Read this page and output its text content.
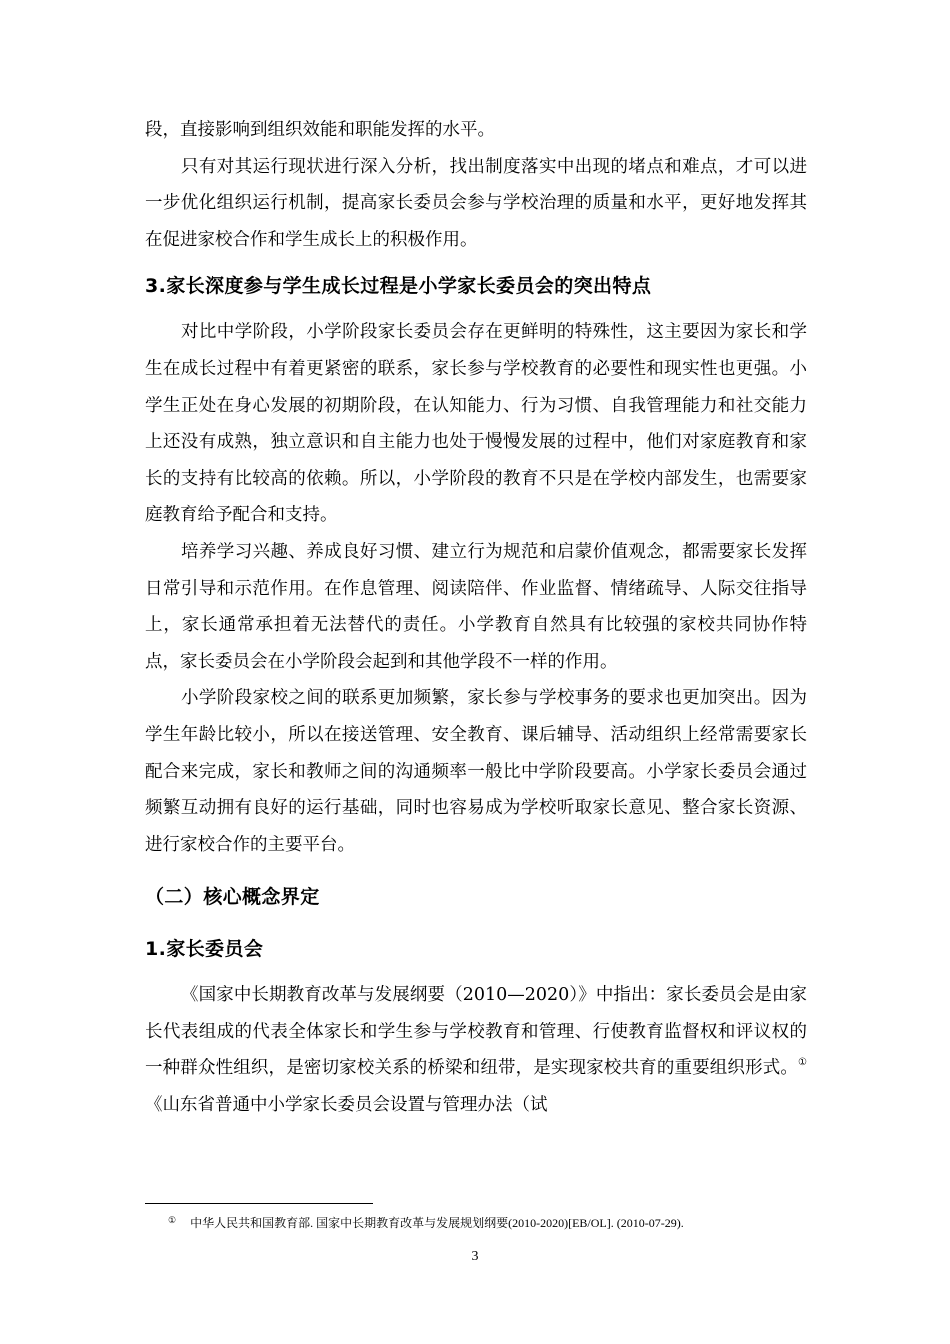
段，直接影响到组织效能和职能发挥的水平。

只有对其运行现状进行深入分析，找出制度落实中出现的堵点和难点，才可以进一步优化组织运行机制，提高家长委员会参与学校治理的质量和水平，更好地发挥其在促进家校合作和学生成长上的积极作用。

3.家长深度参与学生成长过程是小学家长委员会的突出特点

对比中学阶段，小学阶段家长委员会存在更鲜明的特殊性，这主要因为家长和学生在成长过程中有着更紧密的联系，家长参与学校教育的必要性和现实性也更强。小学生正处在身心发展的初期阶段，在认知能力、行为习惯、自我管理能力和社交能力上还没有成熟，独立意识和自主能力也处于慢慢发展的过程中，他们对家庭教育和家长的支持有比较高的依赖。所以，小学阶段的教育不只是在学校内部发生，也需要家庭教育给予配合和支持。

培养学习兴趣、养成良好习惯、建立行为规范和启蒙价值观念，都需要家长发挥日常引导和示范作用。在作息管理、阅读陪伴、作业监督、情绪疏导、人际交往指导上，家长通常承担着无法替代的责任。小学教育自然具有比较强的家校共同协作特点，家长委员会在小学阶段会起到和其他学段不一样的作用。

小学阶段家校之间的联系更加频繁，家长参与学校事务的要求也更加突出。因为学生年龄比较小，所以在接送管理、安全教育、课后辅导、活动组织上经常需要家长配合来完成，家长和教师之间的沟通频率一般比中学阶段要高。小学家长委员会通过频繁互动拥有良好的运行基础，同时也容易成为学校听取家长意见、整合家长资源、进行家校合作的主要平台。

（二）核心概念界定
1.家长委员会

《国家中长期教育改革与发展纲要（2010—2020）》中指出：家长委员会是由家长代表组成的代表全体家长和学生参与学校教育和管理、行使教育监督权和评议权的一种群众性组织，是密切家校关系的桥梁和纽带，是实现家校共育的重要组织形式。①《山东省普通中小学家长委员会设置与管理办法（试

① 中华人民共和国教育部. 国家中长期教育改革与发展规划纲要(2010-2020)[EB/OL]. (2010-07-29).
3
